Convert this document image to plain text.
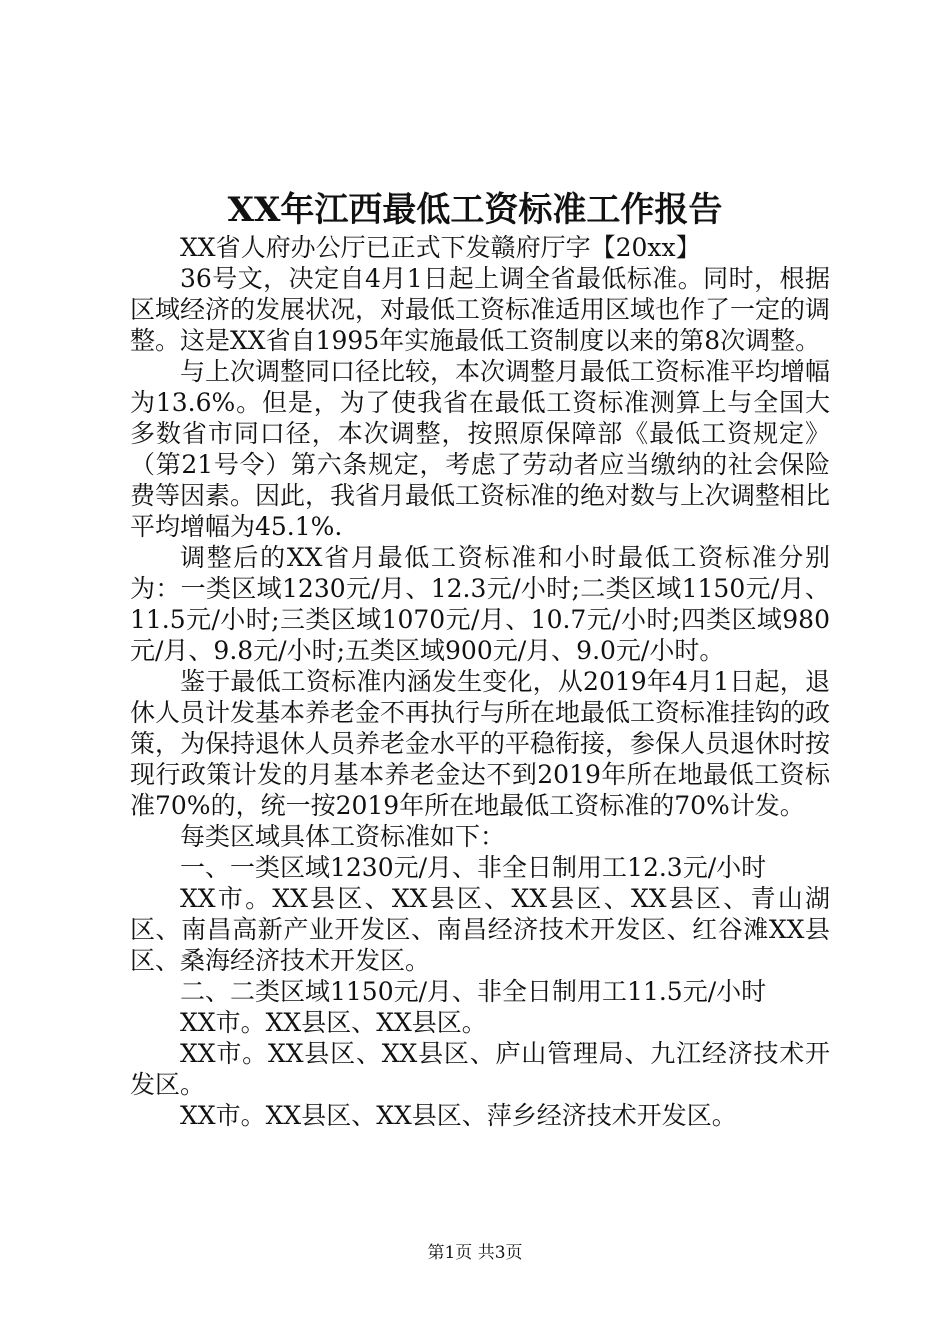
XX年江西最低工资标准工作报告

XX省人府办公厅已正式下发赣府厅字【20xx】

36号文，决定自4月1日起上调全省最低标准。同时，根据区域经济的发展状况，对最低工资标准适用区域也作了一定的调整。这是XX省自1995年实施最低工资制度以来的第8次调整。

与上次调整同口径比较，本次调整月最低工资标准平均增幅为13.6%。但是，为了使我省在最低工资标准测算上与全国大多数省市同口径，本次调整，按照原保障部《最低工资规定》（第21号令）第六条规定，考虑了劳动者应当缴纳的社会保险费等因素。因此，我省月最低工资标准的绝对数与上次调整相比平均增幅为45.1%.

调整后的XX省月最低工资标准和小时最低工资标准分别为：一类区域1230元/月、12.3元/小时;二类区域1150元/月、11.5元/小时;三类区域1070元/月、10.7元/小时;四类区域980元/月、9.8元/小时;五类区域900元/月、9.0元/小时。

鉴于最低工资标准内涵发生变化，从2019年4月1日起，退休人员计发基本养老金不再执行与所在地最低工资标准挂钩的政策，为保持退休人员养老金水平的平稳衔接，参保人员退休时按现行政策计发的月基本养老金达不到2019年所在地最低工资标准70%的，统一按2019年所在地最低工资标准的70%计发。

每类区域具体工资标准如下：

一、一类区域1230元/月、非全日制用工12.3元/小时

XX市。XX县区、XX县区、XX县区、XX县区、青山湖区、南昌高新产业开发区、南昌经济技术开发区、红谷滩XX县区、桑海经济技术开发区。

二、二类区域1150元/月、非全日制用工11.5元/小时

XX市。XX县区、XX县区。

XX市。XX县区、XX县区、庐山管理局、九江经济技术开发区。

XX市。XX县区、XX县区、萍乡经济技术开发区。

第1页 共3页
